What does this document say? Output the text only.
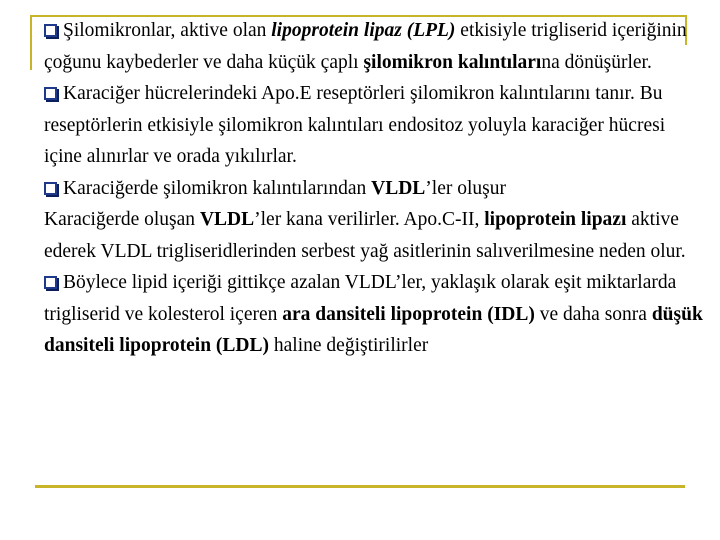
Şilomikronlar, aktive olan lipoprotein lipaz (LPL) etkisiyle trigliserid içeriğinin çoğunu kaybederler ve daha küçük çaplı şilomikron kalıntılarına dönüşürler.

Karaciğer hücrelerindeki Apo.E reseptörleri şilomikron kalıntılarını tanır. Bu reseptörlerin etkisiyle şilomikron kalıntıları endositoz yoluyla karaciğer hücresi içine alınırlar ve orada yıkılırlar.

Karaciğerde şilomikron kalıntılarından VLDL’ler oluşur

Karaciğerde oluşan VLDL’ler kana verilirler. Apo.C-II, lipoprotein lipazı aktive ederek VLDL trigliseridlerinden serbest yağ asitlerinin salıverilmesine neden olur.

Böylece lipid içeriği gittikçe azalan VLDL’ler, yaklaşık olarak eşit miktarlarda trigliserid ve kolesterol içeren ara dansiteli lipoprotein (IDL) ve daha sonra düşük dansiteli lipoprotein (LDL) haline değiştirilirler
